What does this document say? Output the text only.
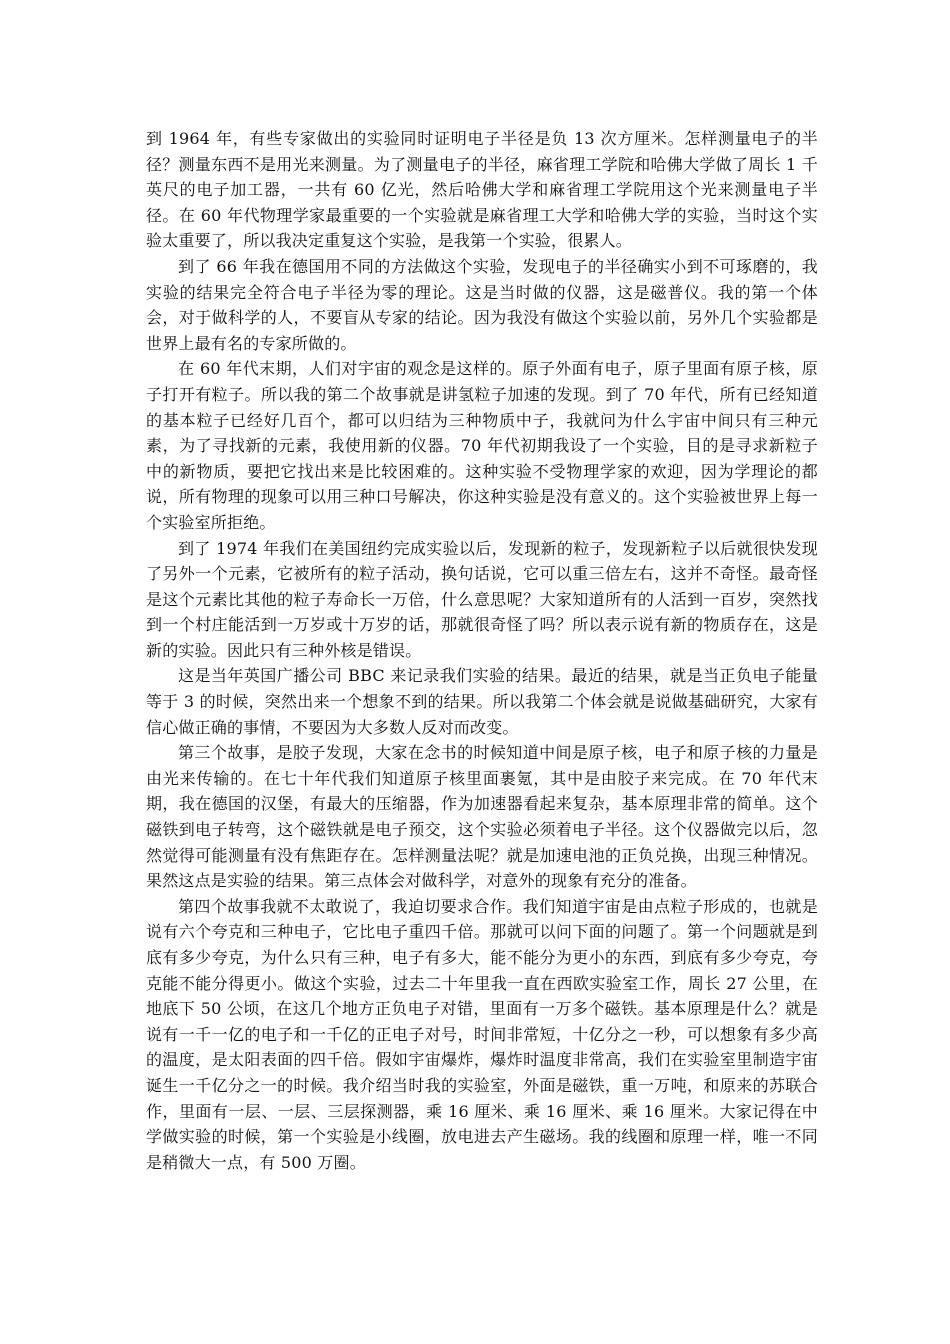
到 1964 年，有些专家做出的实验同时证明电子半径是负 13 次方厘米。怎样测量电子的半径？测量东西不是用光来测量。为了测量电子的半径，麻省理工学院和哈佛大学做了周长 1 千英尺的电子加工器，一共有 60 亿光，然后哈佛大学和麻省理工学院用这个光来测量电子半径。在 60 年代物理学家最重要的一个实验就是麻省理工大学和哈佛大学的实验，当时这个实验太重要了，所以我决定重复这个实验，是我第一个实验，很累人。

到了 66 年我在德国用不同的方法做这个实验，发现电子的半径确实小到不可琢磨的，我实验的结果完全符合电子半径为零的理论。这是当时做的仪器，这是磁普仪。我的第一个体会，对于做科学的人，不要盲从专家的结论。因为我没有做这个实验以前，另外几个实验都是世界上最有名的专家所做的。

在 60 年代末期，人们对宇宙的观念是这样的。原子外面有电子，原子里面有原子核，原子打开有粒子。所以我的第二个故事就是讲氢粒子加速的发现。到了 70 年代，所有已经知道的基本粒子已经好几百个，都可以归结为三种物质中子，我就问为什么宇宙中间只有三种元素，为了寻找新的元素，我使用新的仪器。70 年代初期我设了一个实验，目的是寻求新粒子中的新物质，要把它找出来是比较困难的。这种实验不受物理学家的欢迎，因为学理论的都说，所有物理的现象可以用三种口号解决，你这种实验是没有意义的。这个实验被世界上每一个实验室所拒绝。

到了 1974 年我们在美国纽约完成实验以后，发现新的粒子，发现新粒子以后就很快发现了另外一个元素，它被所有的粒子活动，换句话说，它可以重三倍左右，这并不奇怪。最奇怪是这个元素比其他的粒子寿命长一万倍，什么意思呢？大家知道所有的人活到一百岁，突然找到一个村庄能活到一万岁或十万岁的话，那就很奇怪了吗？所以表示说有新的物质存在，这是新的实验。因此只有三种外核是错误。

这是当年英国广播公司 BBC 来记录我们实验的结果。最近的结果，就是当正负电子能量等于 3 的时候，突然出来一个想象不到的结果。所以我第二个体会就是说做基础研究，大家有信心做正确的事情，不要因为大多数人反对而改变。

第三个故事，是胶子发现，大家在念书的时候知道中间是原子核，电子和原子核的力量是由光来传输的。在七十年代我们知道原子核里面裹氪，其中是由胶子来完成。在 70 年代末期，我在德国的汉堡，有最大的压缩器，作为加速器看起来复杂，基本原理非常的简单。这个磁铁到电子转弯，这个磁铁就是电子预交，这个实验必须着电子半径。这个仪器做完以后，忽然觉得可能测量有没有焦距存在。怎样测量法呢？就是加速电池的正负兑换，出现三种情况。果然这点是实验的结果。第三点体会对做科学，对意外的现象有充分的准备。

第四个故事我就不太敢说了，我迫切要求合作。我们知道宇宙是由点粒子形成的，也就是说有六个夸克和三种电子，它比电子重四千倍。那就可以问下面的问题了。第一个问题就是到底有多少夸克，为什么只有三种，电子有多大，能不能分为更小的东西，到底有多少夸克，夸克能不能分得更小。做这个实验，过去二十年里我一直在西欧实验室工作，周长 27 公里，在地底下 50 公顷，在这几个地方正负电子对错，里面有一万多个磁铁。基本原理是什么？就是说有一千一亿的电子和一千亿的正电子对号，时间非常短，十亿分之一秒，可以想象有多少高的温度，是太阳表面的四千倍。假如宇宙爆炸，爆炸时温度非常高，我们在实验室里制造宇宙诞生一千亿分之一的时候。我介绍当时我的实验室，外面是磁铁，重一万吨，和原来的苏联合作，里面有一层、一层、三层探测器，乘 16 厘米、乘 16 厘米、乘 16 厘米。大家记得在中学做实验的时候，第一个实验是小线圈，放电进去产生磁场。我的线圈和原理一样，唯一不同是稍微大一点，有 500 万圈。
